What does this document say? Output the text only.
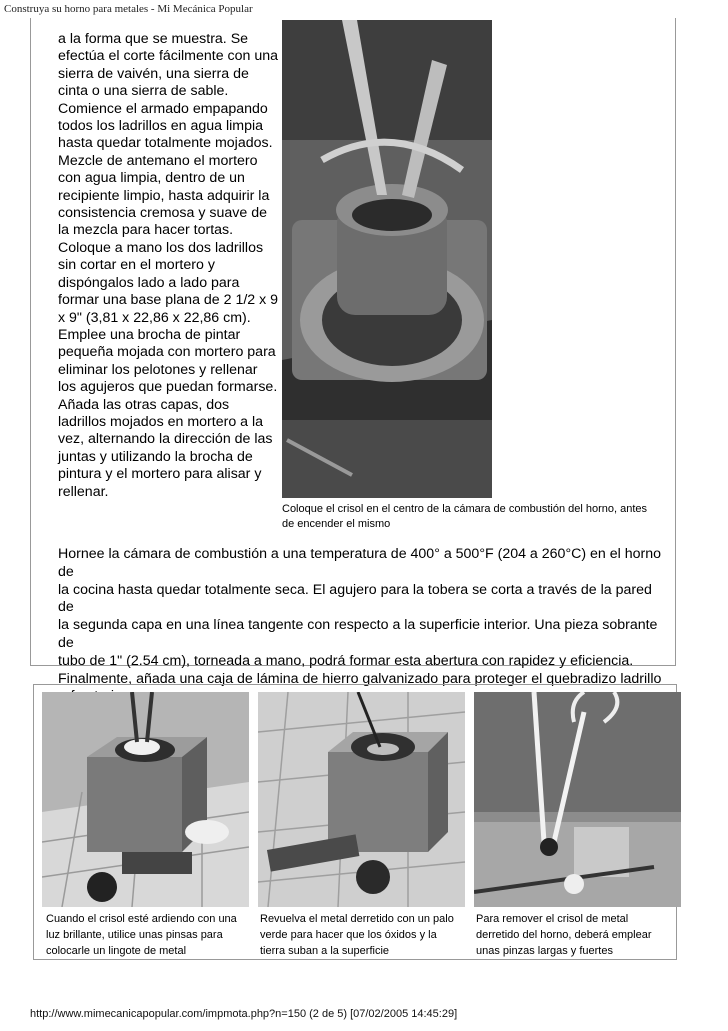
Construya su horno para metales - Mi Mecánica Popular

a la forma que se muestra. Se
efectúa el corte fácilmente con una
sierra de vaivén, una sierra de
cinta o una sierra de sable.
Comience el armado empapando
todos los ladrillos en agua limpia
hasta quedar totalmente mojados.
Mezcle de antemano el mortero
con agua limpia, dentro de un
recipiente limpio, hasta adquirir la
consistencia cremosa y suave de
la mezcla para hacer tortas.
Coloque a mano los dos ladrillos
sin cortar en el mortero y
dispóngalos lado a lado para
formar una base plana de 2 1/2 x 9
x 9" (3,81 x 22,86 x 22,86 cm).
Emplee una brocha de pintar
pequeña mojada con mortero para
eliminar los pelotones y rellenar
los agujeros que puedan formarse.
Añada las otras capas, dos
ladrillos mojados en mortero a la
vez, alternando la dirección de las
juntas y utilizando la brocha de
pintura y el mortero para alisar y
rellenar.

Coloque el crisol en el centro de la cámara de combustión del horno, antes
de encender el mismo

Hornee la cámara de combustión a una temperatura de 400° a 500°F (204 a 260°C) en el horno de
la cocina hasta quedar totalmente seca. El agujero para la tobera se corta a través de la pared de
la segunda capa en una línea tangente con respecto a la superficie interior. Una pieza sobrante de
tubo de 1" (2.54 cm), torneada a mano, podrá formar esta abertura con rapidez y eficiencia.
Finalmente, añada una caja de lámina de hierro galvanizado para proteger el quebradizo ladrillo

Cuando el crisol esté ardiendo con una
luz brillante, utilice unas pinsas para
colocarle un lingote de metal

Revuelva el metal derretido con un palo
verde para hacer que los óxidos y la
tierra suban a la superficie

Para remover el crisol de metal
derretido del horno, deberá emplear
unas pinzas largas y fuertes

http://www.mimecanicapopular.com/impmota.php?n=150 (2 de 5) [07/02/2005 14:45:29]
